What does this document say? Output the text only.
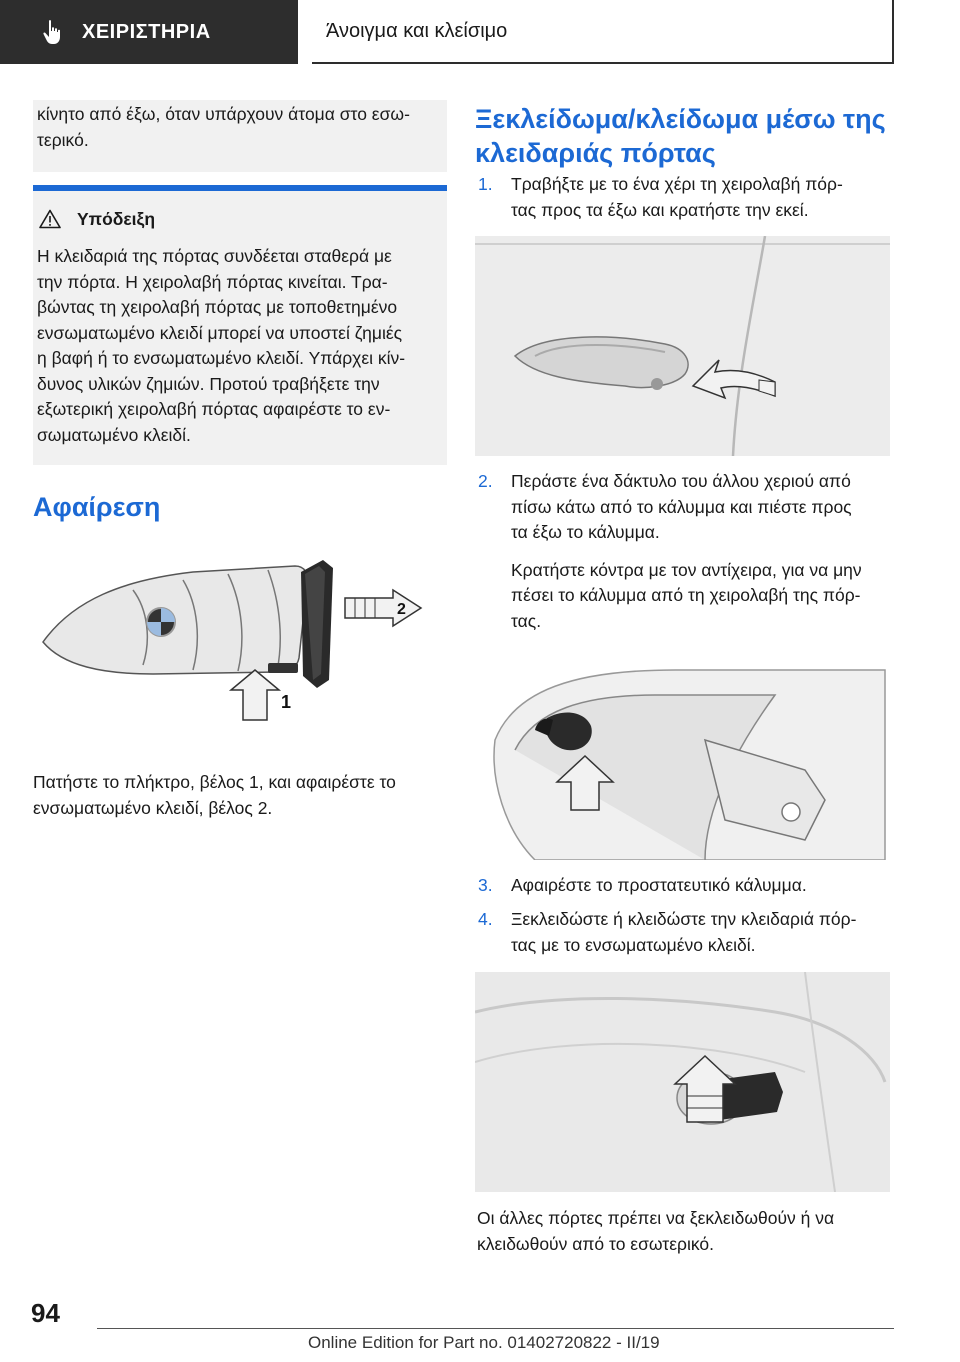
ΧΕΙΡΙΣΤΗΡΙΑ	Άνοιγμα και κλείσιμο
κίνητο από έξω, όταν υπάρχουν άτομα στο εσω-
τερικό.
Υπόδειξη
Η κλειδαριά της πόρτας συνδέεται σταθερά με
την πόρτα. Η χειρολαβή πόρτας κινείται. Τρα-
βώντας τη χειρολαβή πόρτας με τοποθετημένο
ενσωματωμένο κλειδί μπορεί να υποστεί ζημιές
η βαφή ή το ενσωματωμένο κλειδί. Υπάρχει κίν-
δυνος υλικών ζημιών. Προτού τραβήξετε την
εξωτερική χειρολαβή πόρτας αφαιρέστε το εν-
σωματωμένο κλειδί.
Αφαίρεση
2
1
Πατήστε το πλήκτρο, βέλος 1, και αφαιρέστε το
ενσωματωμένο κλειδί, βέλος 2.
Ξεκλείδωμα/κλείδωμα μέσω της
κλειδαριάς πόρτας
1.	Τραβήξτε με το ένα χέρι τη χειρολαβή πόρ-
τας προς τα έξω και κρατήστε την εκεί.
2.	Περάστε ένα δάκτυλο του άλλου χεριού από
πίσω κάτω από το κάλυμμα και πιέστε προς
τα έξω το κάλυμμα.
Κρατήστε κόντρα με τον αντίχειρα, για να μην
πέσει το κάλυμμα από τη χειρολαβή της πόρ-
τας.
3.	Αφαιρέστε το προστατευτικό κάλυμμα.
4.	Ξεκλειδώστε ή κλειδώστε την κλειδαριά πόρ-
τας με το ενσωματωμένο κλειδί.
Οι άλλες πόρτες πρέπει να ξεκλειδωθούν ή να
κλειδωθούν από το εσωτερικό.
94
Online Edition for Part no. 01402720822 - II/19
